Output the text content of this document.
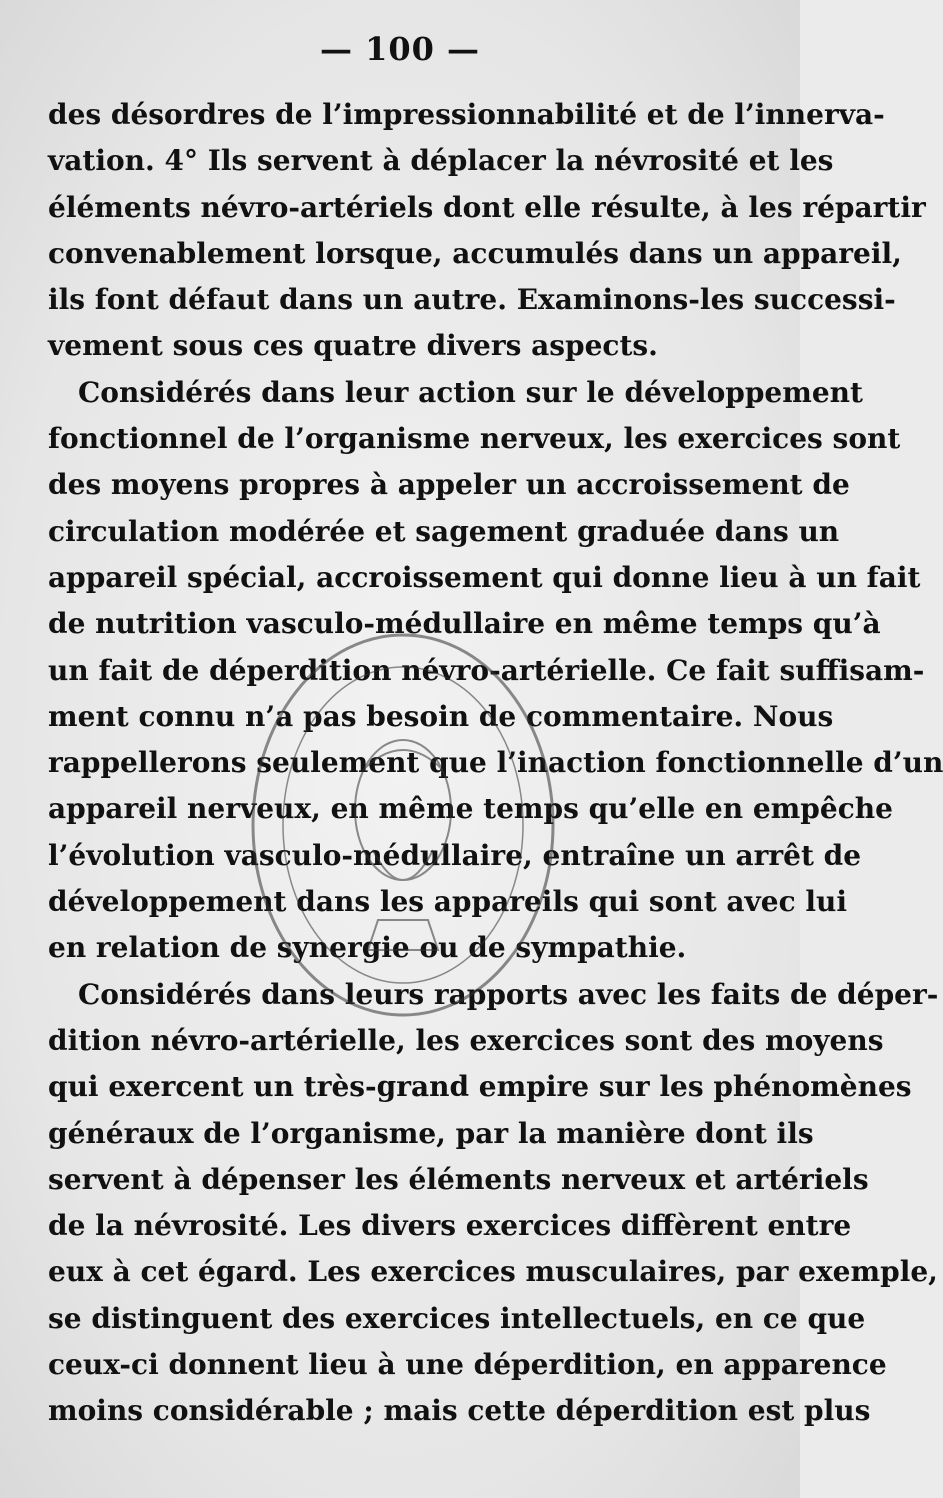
— 100 —
des désordres de l’impressionnabilité et de l’innerva-
vation. 4° Ils servent à déplacer la névrosité et les
éléments névro-artériels dont elle résulte, à les répartir
convenablement lorsque, accumulés dans un appareil,
ils font défaut dans un autre. Examinons-les successi-
vement sous ces quatre divers aspects.
Considérés dans leur action sur le développement
fonctionnel de l’organisme nerveux, les exercices sont
des moyens propres à appeler un accroissement de
circulation modérée et sagement graduée dans un
appareil spécial, accroissement qui donne lieu à un fait
de nutrition vasculo-médullaire en même temps qu’à
un fait de déperdition névro-artérielle. Ce fait suffisam-
ment connu n’a pas besoin de commentaire. Nous
rappellerons seulement que l’inaction fonctionnelle d’un
appareil nerveux, en même temps qu’elle en empêche
l’évolution vasculo-médullaire, entraîne un arrêt de
développement dans les appareils qui sont avec lui
en relation de synergie ou de sympathie.
Considérés dans leurs rapports avec les faits de déper-
dition névro-artérielle, les exercices sont des moyens
qui exercent un très-grand empire sur les phénomènes
généraux de l’organisme, par la manière dont ils
servent à dépenser les éléments nerveux et artériels
de la névrosité. Les divers exercices diffèrent entre
eux à cet égard. Les exercices musculaires, par exemple,
se distinguent des exercices intellectuels, en ce que
ceux-ci donnent lieu à une déperdition, en apparence
moins considérable ; mais cette déperdition est plus
